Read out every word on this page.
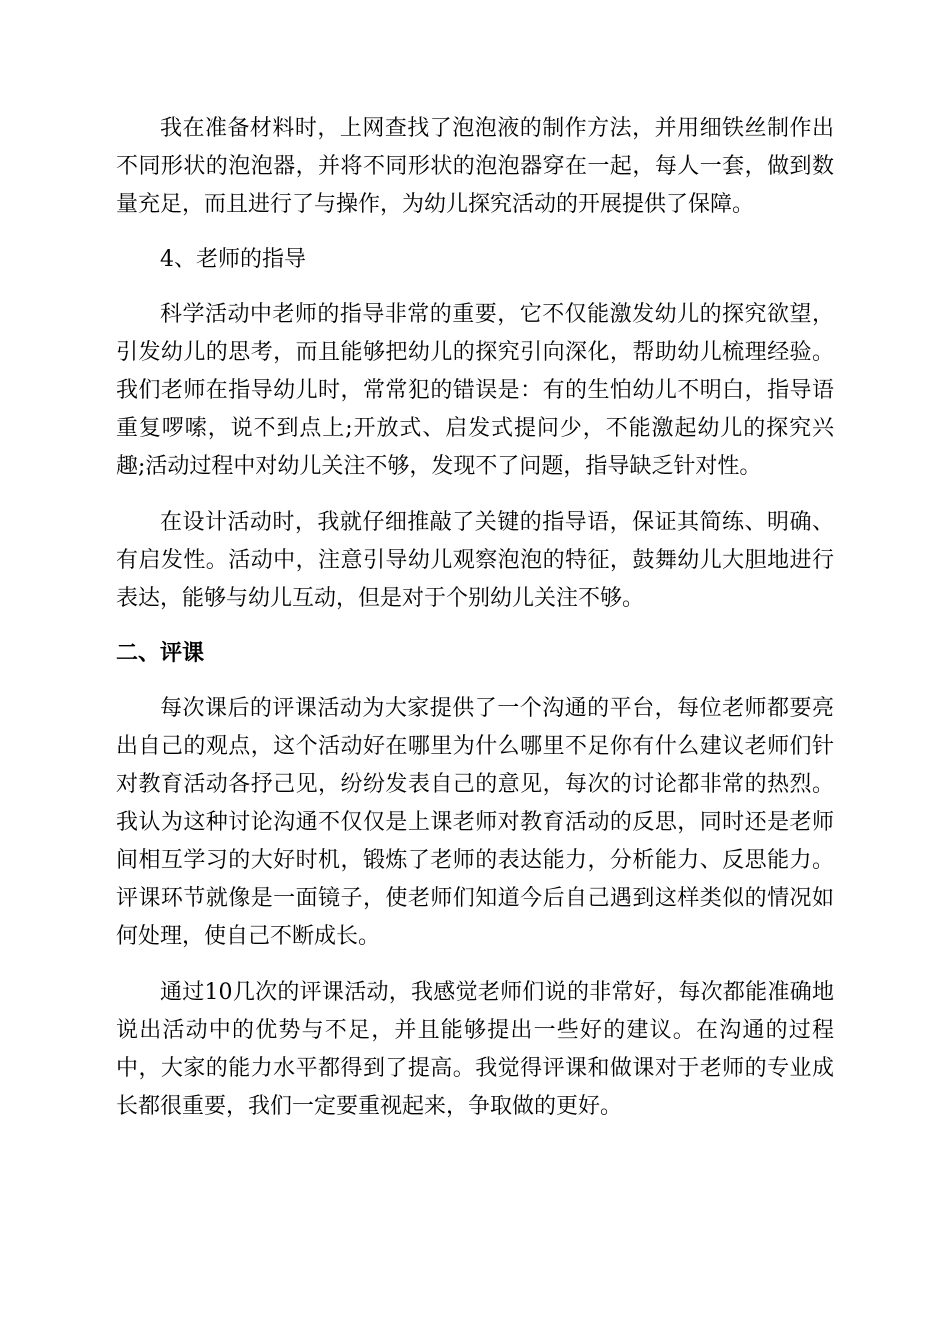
我在准备材料时，上网查找了泡泡液的制作方法，并用细铁丝制作出不同形状的泡泡器，并将不同形状的泡泡器穿在一起，每人一套，做到数量充足，而且进行了与操作，为幼儿探究活动的开展提供了保障。

4、老师的指导

科学活动中老师的指导非常的重要，它不仅能激发幼儿的探究欲望，引发幼儿的思考，而且能够把幼儿的探究引向深化，帮助幼儿梳理经验。我们老师在指导幼儿时，常常犯的错误是：有的生怕幼儿不明白，指导语重复啰嗦，说不到点上;开放式、启发式提问少，不能激起幼儿的探究兴趣;活动过程中对幼儿关注不够，发现不了问题，指导缺乏针对性。

在设计活动时，我就仔细推敲了关键的指导语，保证其简练、明确、有启发性。活动中，注意引导幼儿观察泡泡的特征，鼓舞幼儿大胆地进行表达，能够与幼儿互动，但是对于个别幼儿关注不够。

二、评课

每次课后的评课活动为大家提供了一个沟通的平台，每位老师都要亮出自己的观点，这个活动好在哪里为什么哪里不足你有什么建议老师们针对教育活动各抒己见，纷纷发表自己的意见，每次的讨论都非常的热烈。我认为这种讨论沟通不仅仅是上课老师对教育活动的反思，同时还是老师间相互学习的大好时机，锻炼了老师的表达能力，分析能力、反思能力。评课环节就像是一面镜子，使老师们知道今后自己遇到这样类似的情况如何处理，使自己不断成长。

通过10几次的评课活动，我感觉老师们说的非常好，每次都能准确地说出活动中的优势与不足，并且能够提出一些好的建议。在沟通的过程中，大家的能力水平都得到了提高。我觉得评课和做课对于老师的专业成长都很重要，我们一定要重视起来，争取做的更好。
